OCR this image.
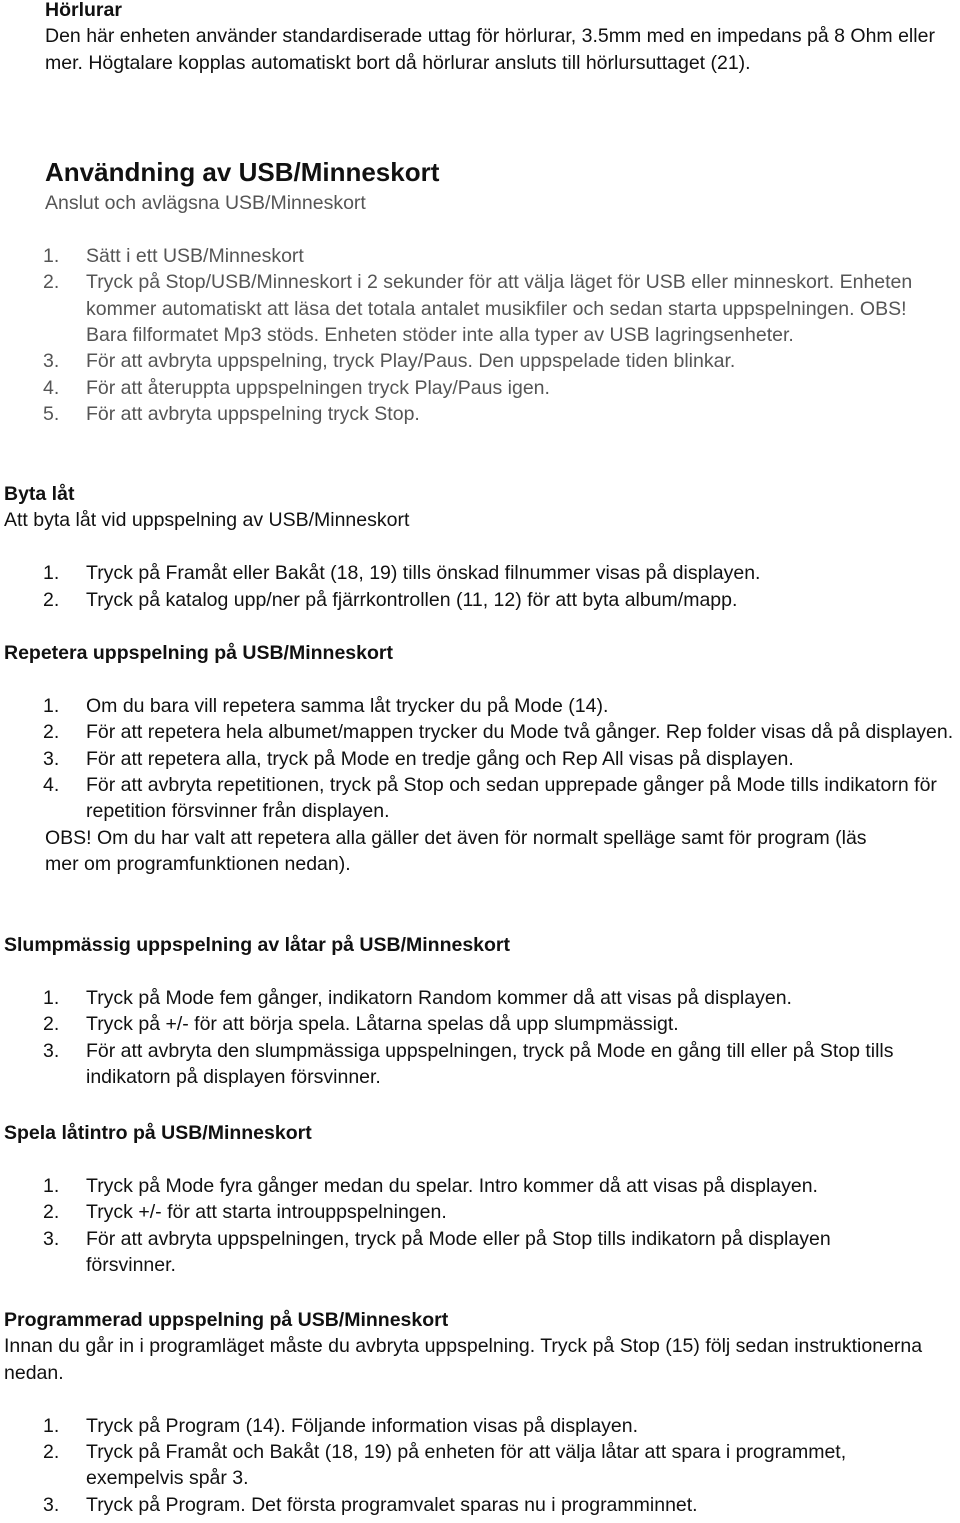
Hörlurar

Den här enheten använder standardiserade uttag för hörlurar, 3.5mm med en impedans på 8 Ohm eller mer. Högtalare kopplas automatiskt bort då hörlurar ansluts till hörlursuttaget (21).

Användning av USB/Minneskort

Anslut och avlägsna USB/Minneskort

1. Sätt i ett USB/Minneskort
2. Tryck på Stop/USB/Minneskort i 2 sekunder för att välja läget för USB eller minneskort. Enheten kommer automatiskt att läsa det totala antalet musikfiler och sedan starta uppspelningen. OBS! Bara filformatet Mp3 stöds. Enheten stöder inte alla typer av USB lagringsenheter.
3. För att avbryta uppspelning, tryck Play/Paus. Den uppspelade tiden blinkar.
4. För att återuppta uppspelningen tryck Play/Paus igen.
5. För att avbryta uppspelning tryck Stop.

Byta låt

Att byta låt vid uppspelning av USB/Minneskort

1. Tryck på Framåt eller Bakåt (18, 19) tills önskad filnummer visas på displayen.
2. Tryck på katalog upp/ner på fjärrkontrollen (11, 12) för att byta album/mapp.

Repetera uppspelning på USB/Minneskort

1. Om du bara vill repetera samma låt trycker du på Mode (14).
2. För att repetera hela albumet/mappen trycker du Mode två gånger. Rep folder visas då på displayen.
3. För att repetera alla, tryck på Mode en tredje gång och Rep All visas på displayen.
4. För att avbryta repetitionen, tryck på Stop och sedan upprepade gånger på Mode tills indikatorn för repetition försvinner från displayen.

OBS! Om du har valt att repetera alla gäller det även för normalt spelläge samt för program (läs mer om programfunktionen nedan).

Slumpmässig uppspelning av låtar på USB/Minneskort

1. Tryck på Mode fem gånger, indikatorn Random kommer då att visas på displayen.
2. Tryck på +/- för att börja spela. Låtarna spelas då upp slumpmässigt.
3. För att avbryta den slumpmässiga uppspelningen, tryck på Mode en gång till eller på Stop tills indikatorn på displayen försvinner.

Spela låtintro på USB/Minneskort

1. Tryck på Mode fyra gånger medan du spelar. Intro kommer då att visas på displayen.
2. Tryck +/- för att starta introuppspelningen.
3. För att avbryta uppspelningen, tryck på Mode eller på Stop tills indikatorn på displayen försvinner.

Programmerad uppspelning på USB/Minneskort

Innan du går in i programläget måste du avbryta uppspelning. Tryck på Stop (15) följ sedan instruktionerna nedan.

1. Tryck på Program (14). Följande information visas på displayen.
2. Tryck på Framåt och Bakåt (18, 19) på enheten för att välja låtar att spara i programmet, exempelvis spår 3.
3. Tryck på Program. Det första programvalet sparas nu i programminnet.
